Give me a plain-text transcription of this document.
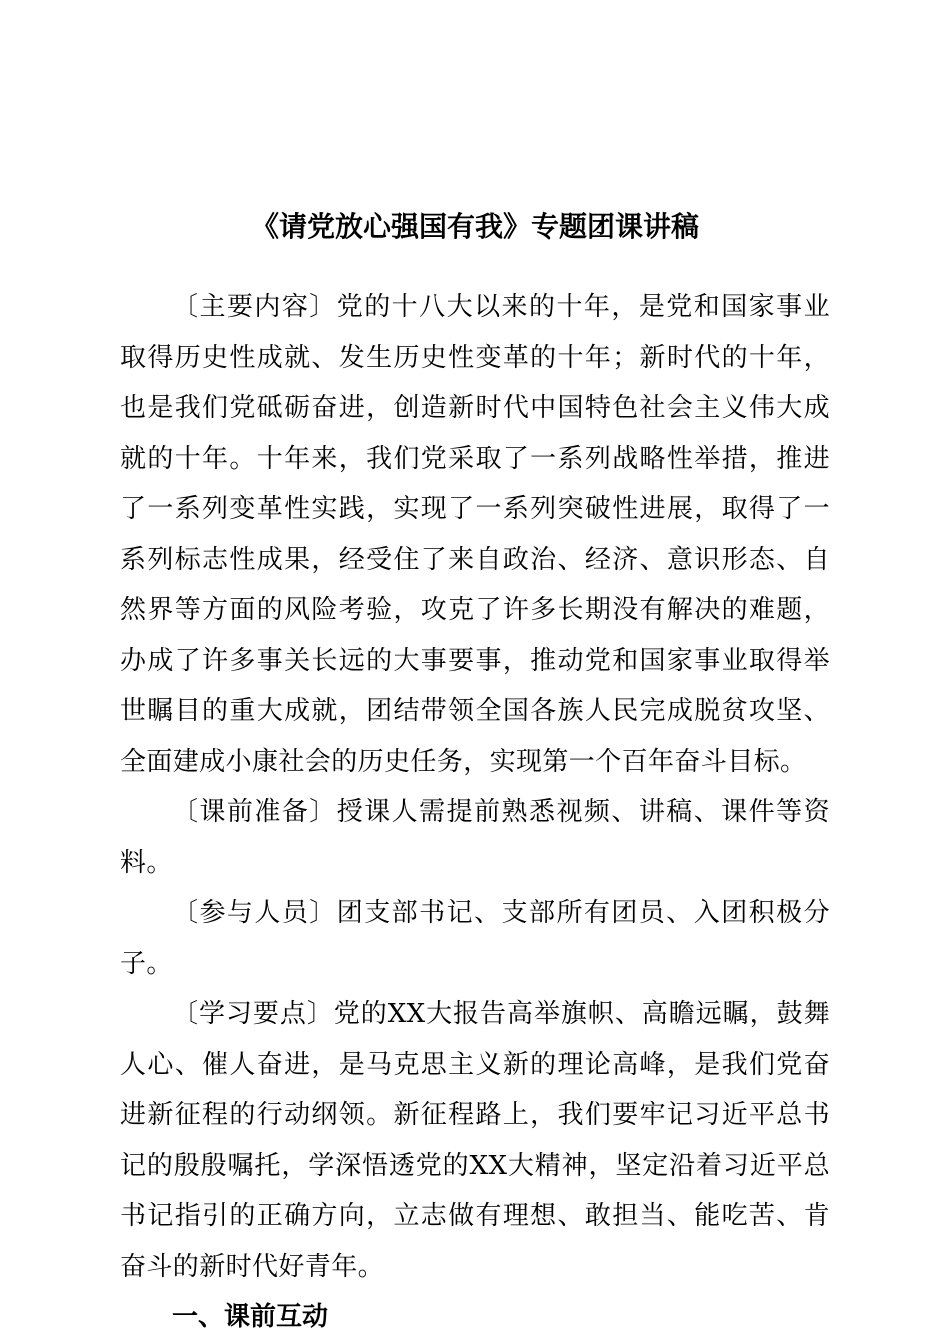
《请党放心强国有我》专题团课讲稿

〔主要内容〕党的十八大以来的十年，是党和国家事业取得历史性成就、发生历史性变革的十年；新时代的十年，也是我们党砥砺奋进，创造新时代中国特色社会主义伟大成就的十年。十年来，我们党采取了一系列战略性举措，推进了一系列变革性实践，实现了一系列突破性进展，取得了一系列标志性成果，经受住了来自政治、经济、意识形态、自然界等方面的风险考验，攻克了许多长期没有解决的难题，办成了许多事关长远的大事要事，推动党和国家事业取得举世瞩目的重大成就，团结带领全国各族人民完成脱贫攻坚、全面建成小康社会的历史任务，实现第一个百年奋斗目标。

〔课前准备〕授课人需提前熟悉视频、讲稿、课件等资料。

〔参与人员〕团支部书记、支部所有团员、入团积极分子。

〔学习要点〕党的XX大报告高举旗帜、高瞻远瞩，鼓舞人心、催人奋进，是马克思主义新的理论高峰，是我们党奋进新征程的行动纲领。新征程路上，我们要牢记习近平总书记的殷殷嘱托，学深悟透党的XX大精神，坚定沿着习近平总书记指引的正确方向，立志做有理想、敢担当、能吃苦、肯奋斗的新时代好青年。

一、课前互动
